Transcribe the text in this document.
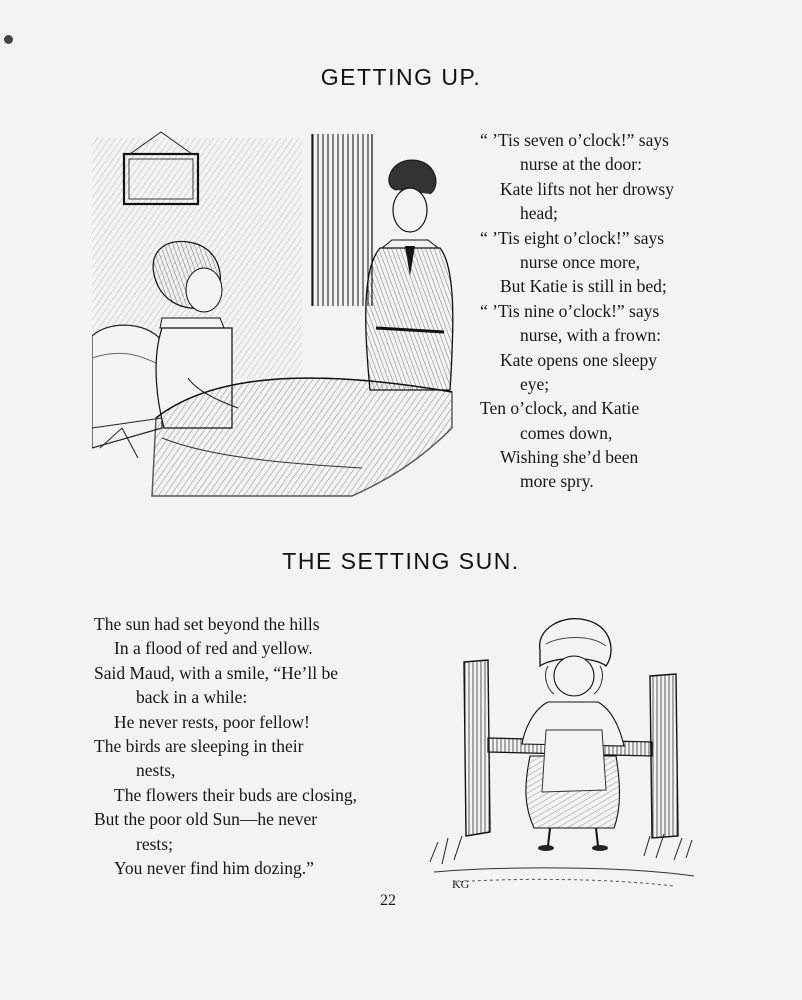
GETTING UP.
“ ’Tis seven o’clock!” says
nurse at the door:
Kate lifts not her drowsy
head;
“ ’Tis eight o’clock!” says
nurse once more,
But Katie is still in bed;
“ ’Tis nine o’clock!” says
nurse, with a frown:
Kate opens one sleepy
eye;
Ten o’clock, and Katie
comes down,
Wishing she’d been
more spry.
THE SETTING SUN.
The sun had set beyond the hills
In a flood of red and yellow.
Said Maud, with a smile, “He’ll be
back in a while:
He never rests, poor fellow!
The birds are sleeping in their
nests,
The flowers their buds are closing,
But the poor old Sun—he never
rests;
You never find him dozing.”
KG
22
